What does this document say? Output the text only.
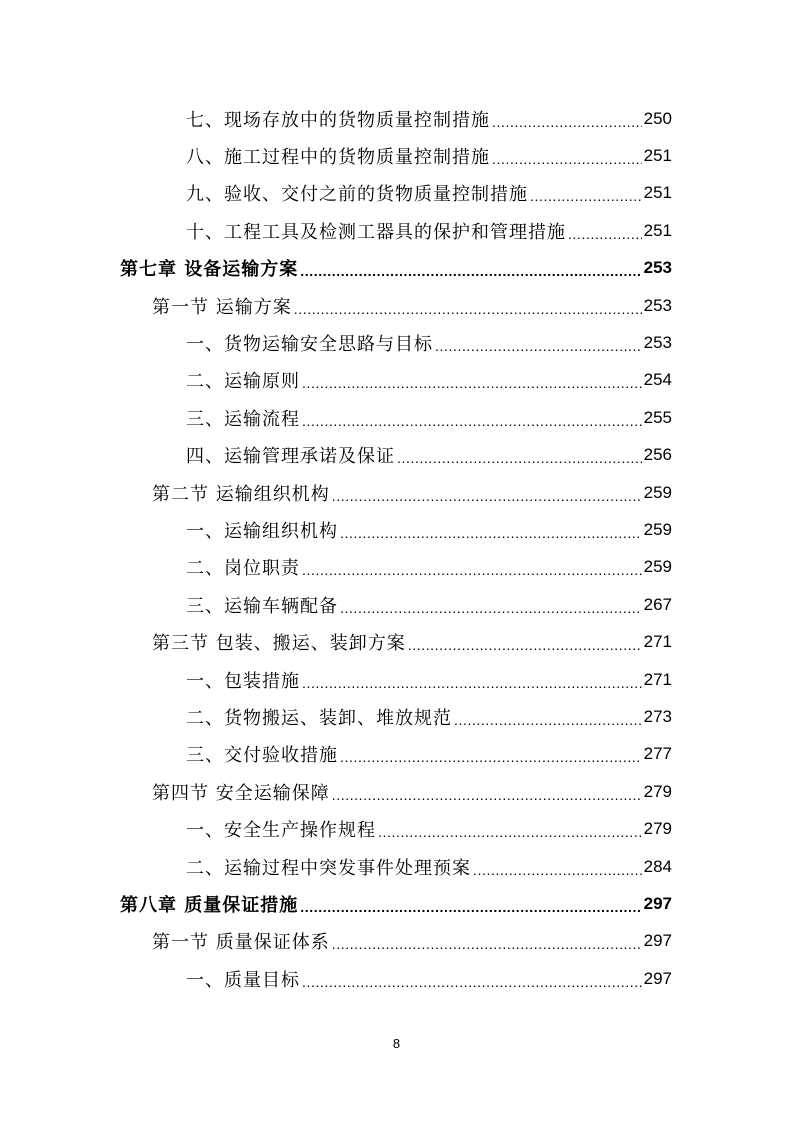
七、现场存放中的货物质量控制措施 .....	250
八、施工过程中的货物质量控制措施 .....	251
九、验收、交付之前的货物质量控制措施 .....	251
十、工程工具及检测工器具的保护和管理措施 .....	251
第七章 设备运输方案 .....	253
第一节 运输方案 .....	253
一、货物运输安全思路与目标 .....	253
二、运输原则 .....	254
三、运输流程 .....	255
四、运输管理承诺及保证 .....	256
第二节 运输组织机构 .....	259
一、运输组织机构 .....	259
二、岗位职责 .....	259
三、运输车辆配备 .....	267
第三节 包装、搬运、装卸方案 .....	271
一、包装措施 .....	271
二、货物搬运、装卸、堆放规范 .....	273
三、交付验收措施 .....	277
第四节 安全运输保障 .....	279
一、安全生产操作规程 .....	279
二、运输过程中突发事件处理预案 .....	284
第八章 质量保证措施 .....	297
第一节 质量保证体系 .....	297
一、质量目标 .....	297
8
